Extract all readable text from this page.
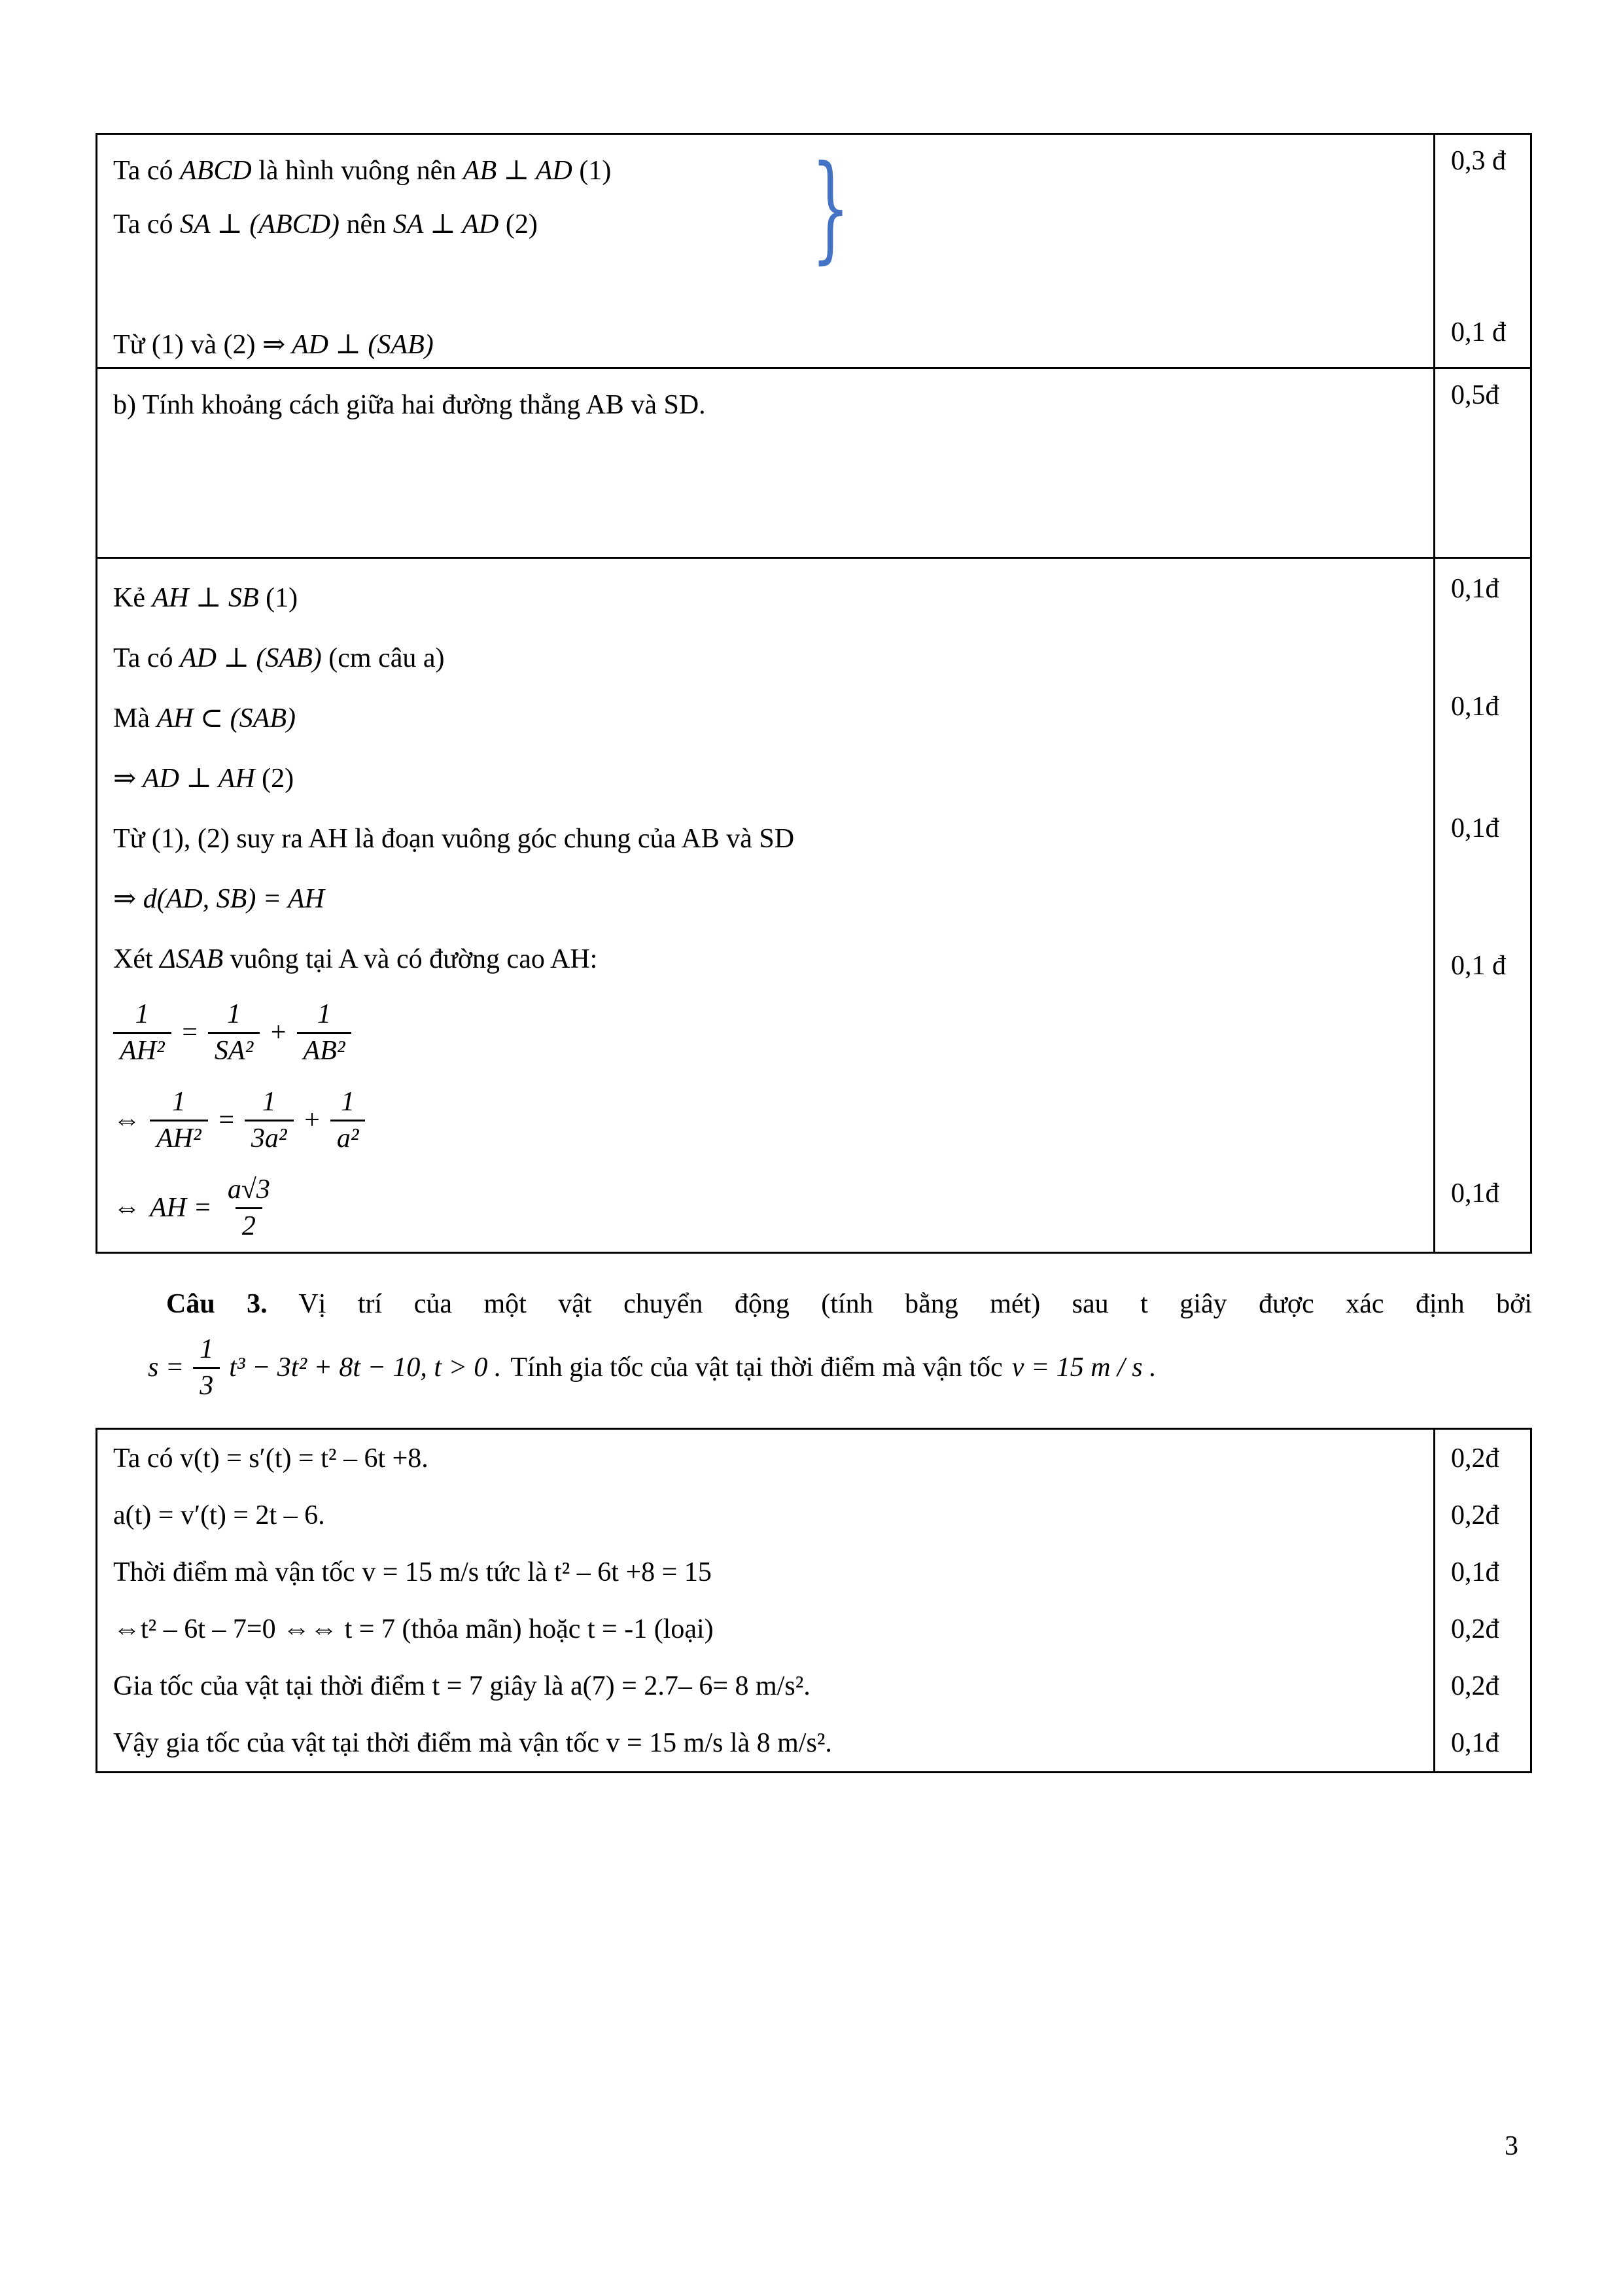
Ta có ABCD là hình vuông nên AB ⊥ AD (1)
Ta có SA ⊥ (ABCD) nên SA ⊥ AD (2)
Từ (1) và (2) ⇒ AD ⊥ (SAB)
}	0,3 đ
0,1 đ
b) Tính khoảng cách giữa hai đường thẳng AB và SD.	0,5đ
Kẻ AH ⊥ SB (1)
Ta có AD ⊥ (SAB) (cm câu a)
Mà AH ⊂ (SAB)
⇒ AD ⊥ AH (2)
Từ (1), (2) suy ra AH là đoạn vuông góc chung của AB và SD
⇒ d(AD, SB) = AH
Xét ΔSAB vuông tại A và có đường cao AH:
$\frac{1}{\text{AH²}} = \frac{1}{\text{SA²}} + \frac{1}{\text{AB²}}$
⇔ $\frac{1}{\text{AH²}} = \frac{1}{\text{3a²}} + \frac{1}{\text{a²}}$
⇔ AH = $\frac{a√3}{2}$
0,1đ
0,1đ
0,1đ
0,1 đ
0,1đ
Câu 3. Vị trí của một vật chuyển động (tính bằng mét) sau t giây được xác định bởi
$s = \frac{1}{3} t^3 - 3t^2 + 8t - 10$, t > 0 . Tính gia tốc của vật tại thời điểm mà vận tốc v = 15 m / s .
Ta có v(t) = s′(t) = t² – 6t +8.
a(t) = v′(t) = 2t – 6.
Thời điểm mà vận tốc v = 15 m/s tức là t² – 6t +8 = 15
⇔t² – 6t – 7=0 ⇔⇔ t = 7 (thỏa mãn) hoặc t = -1 (loại)
Gia tốc của vật tại thời điểm t = 7 giây là a(7) = 2.7– 6= 8 m/s².
Vậy gia tốc của vật tại thời điểm mà vận tốc v = 15 m/s là 8 m/s².
0,2đ
0,2đ
0,1đ
0,2đ
0,2đ
0,1đ
3
